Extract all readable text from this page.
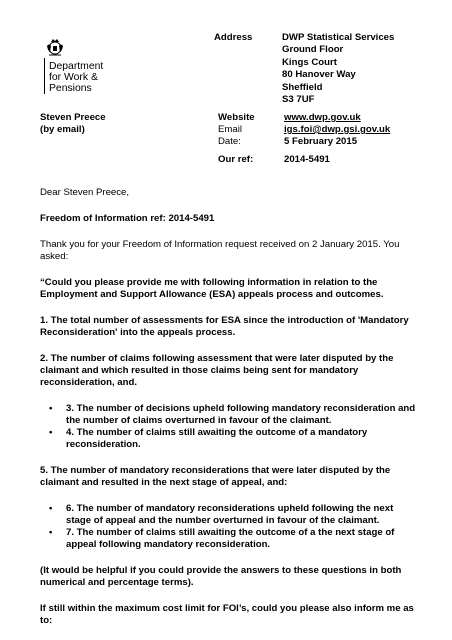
Department
for Work &
Pensions
Address	DWP Statistical Services
Ground Floor
Kings Court
80 Hanover Way
Sheffield
S3 7UF
Steven Preece
(by email)
Website
Email
Date:
www.dwp.gov.uk
igs.foi@dwp.gsi.gov.uk
5 February 2015
Our ref:	2014-5491

Dear Steven Preece,

Freedom of Information ref: 2014-5491

Thank you for your Freedom of Information request received on 2 January 2015. You asked:

“Could you please provide me with following information in relation to the Employment and Support Allowance (ESA) appeals process and outcomes.

1. The total number of assessments for ESA since the introduction of 'Mandatory Reconsideration' into the appeals process.

2. The number of claims following assessment that were later disputed by the claimant and which resulted in those claims being sent for mandatory reconsideration, and.

• 3. The number of decisions upheld following mandatory reconsideration and the number of claims overturned in favour of the claimant.
• 4. The number of claims still awaiting the outcome of a mandatory reconsideration.

5. The number of mandatory reconsiderations that were later disputed by the claimant and resulted in the next stage of appeal, and:

• 6. The number of mandatory reconsiderations upheld following the next stage of appeal and the number overturned in favour of the claimant.
• 7. The number of claims still awaiting the outcome of a the next stage of appeal following mandatory reconsideration.

(It would be helpful if you could provide the answers to these questions in both numerical and percentage terms).

If still within the maximum cost limit for FOI’s, could you please also inform me as to:
